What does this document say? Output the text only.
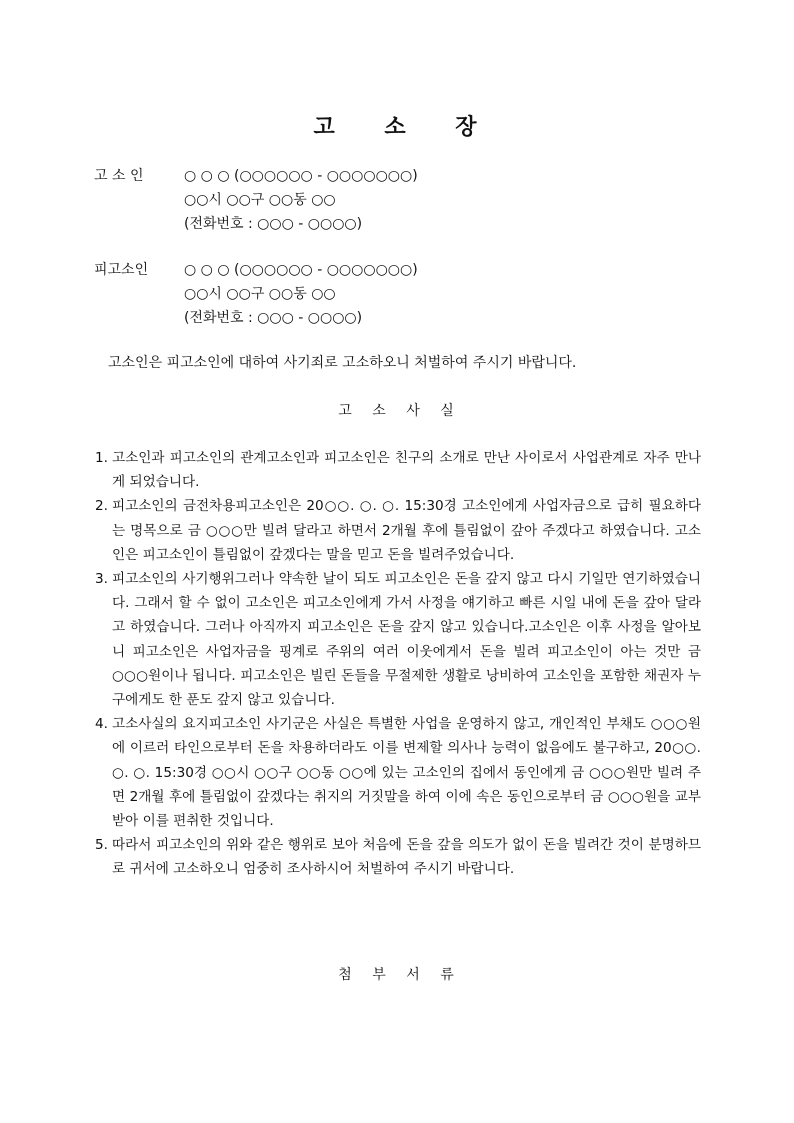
고 소 장
고 소 인	○ ○ ○ (○○○○○○ - ○○○○○○○)
○○시 ○○구 ○○동 ○○
(전화번호 : ○○○ - ○○○○)
피고소인	○ ○ ○ (○○○○○○ - ○○○○○○○)
○○시 ○○구 ○○동 ○○
(전화번호 : ○○○ - ○○○○)
고소인은 피고소인에 대하여 사기죄로 고소하오니 처벌하여 주시기 바랍니다.
고 소 사 실
1. 고소인과 피고소인의 관계고소인과 피고소인은 친구의 소개로 만난 사이로서 사업관계로 자주 만나게 되었습니다.
2. 피고소인의 금전차용피고소인은 20○○. ○. ○. 15:30경 고소인에게 사업자금으로 급히 필요하다는 명목으로 금 ○○○만 빌려 달라고 하면서 2개월 후에 틀림없이 갚아 주겠다고 하였습니다. 고소인은 피고소인이 틀림없이 갚겠다는 말을 믿고 돈을 빌려주었습니다.
3. 피고소인의 사기행위그러나 약속한 날이 되도 피고소인은 돈을 갚지 않고 다시 기일만 연기하였습니다. 그래서 할 수 없이 고소인은 피고소인에게 가서 사정을 얘기하고 빠른 시일 내에 돈을 갚아 달라고 하였습니다. 그러나 아직까지 피고소인은 돈을 갚지 않고 있습니다.고소인은 이후 사정을 알아보니 피고소인은 사업자금을 핑계로 주위의 여러 이웃에게서 돈을 빌려 피고소인이 아는 것만 금 ○○○원이나 됩니다. 피고소인은 빌린 돈들을 무절제한 생활로 낭비하여 고소인을 포함한 채권자 누구에게도 한 푼도 갚지 않고 있습니다.
4. 고소사실의 요지피고소인 사기군은 사실은 특별한 사업을 운영하지 않고, 개인적인 부채도 ○○○원에 이르러 타인으로부터 돈을 차용하더라도 이를 변제할 의사나 능력이 없음에도 불구하고, 20○○. ○. ○. 15:30경 ○○시 ○○구 ○○동 ○○에 있는 고소인의 집에서 동인에게 금 ○○○원만 빌려 주면 2개월 후에 틀림없이 갚겠다는 취지의 거짓말을 하여 이에 속은 동인으로부터 금 ○○○원을 교부받아 이를 편취한 것입니다.
5. 따라서 피고소인의 위와 같은 행위로 보아 처음에 돈을 갚을 의도가 없이 돈을 빌려간 것이 분명하므로 귀서에 고소하오니 엄중히 조사하시어 처벌하여 주시기 바랍니다.
첨 부 서 류
